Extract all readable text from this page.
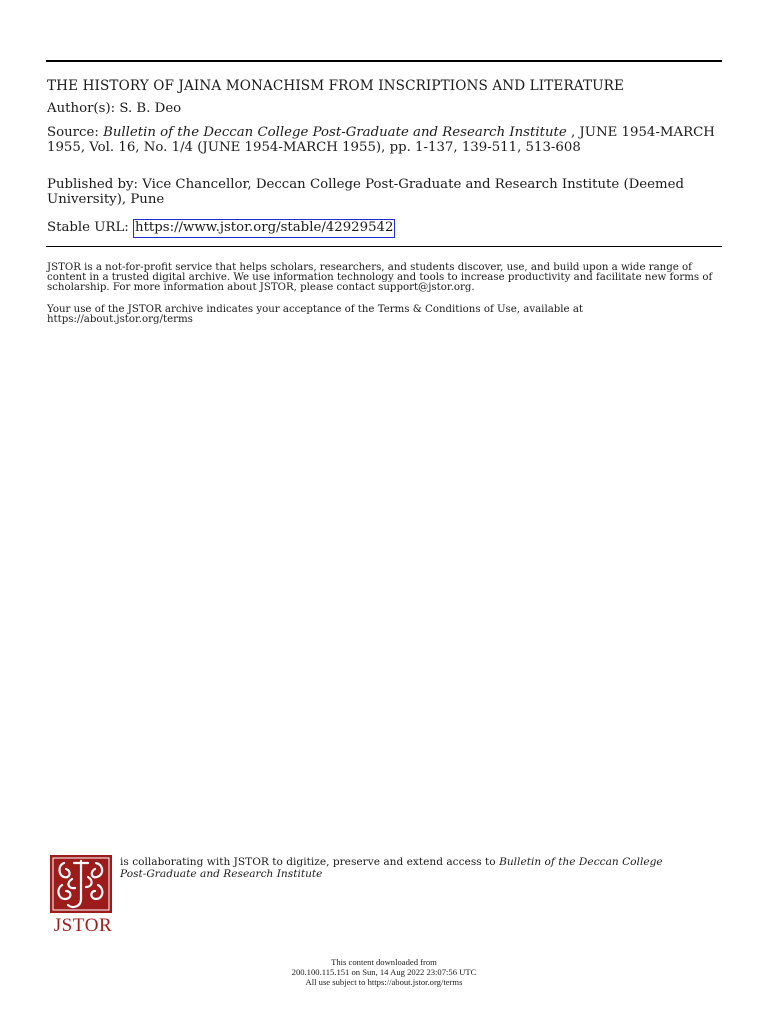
THE HISTORY OF JAINA MONACHISM FROM INSCRIPTIONS AND LITERATURE
Author(s): S. B. Deo
Source: Bulletin of the Deccan College Post-Graduate and Research Institute , JUNE 1954-MARCH 1955, Vol. 16, No. 1/4 (JUNE 1954-MARCH 1955), pp. 1-137, 139-511, 513-608
Published by: Vice Chancellor, Deccan College Post-Graduate and Research Institute (Deemed University), Pune
Stable URL: https://www.jstor.org/stable/42929542
JSTOR is a not-for-profit service that helps scholars, researchers, and students discover, use, and build upon a wide range of content in a trusted digital archive. We use information technology and tools to increase productivity and facilitate new forms of scholarship. For more information about JSTOR, please contact support@jstor.org.
Your use of the JSTOR archive indicates your acceptance of the Terms & Conditions of Use, available at https://about.jstor.org/terms
JSTOR
is collaborating with JSTOR to digitize, preserve and extend access to Bulletin of the Deccan College Post-Graduate and Research Institute
This content downloaded from
200.100.115.151 on Sun, 14 Aug 2022 23:07:56 UTC
All use subject to https://about.jstor.org/terms
